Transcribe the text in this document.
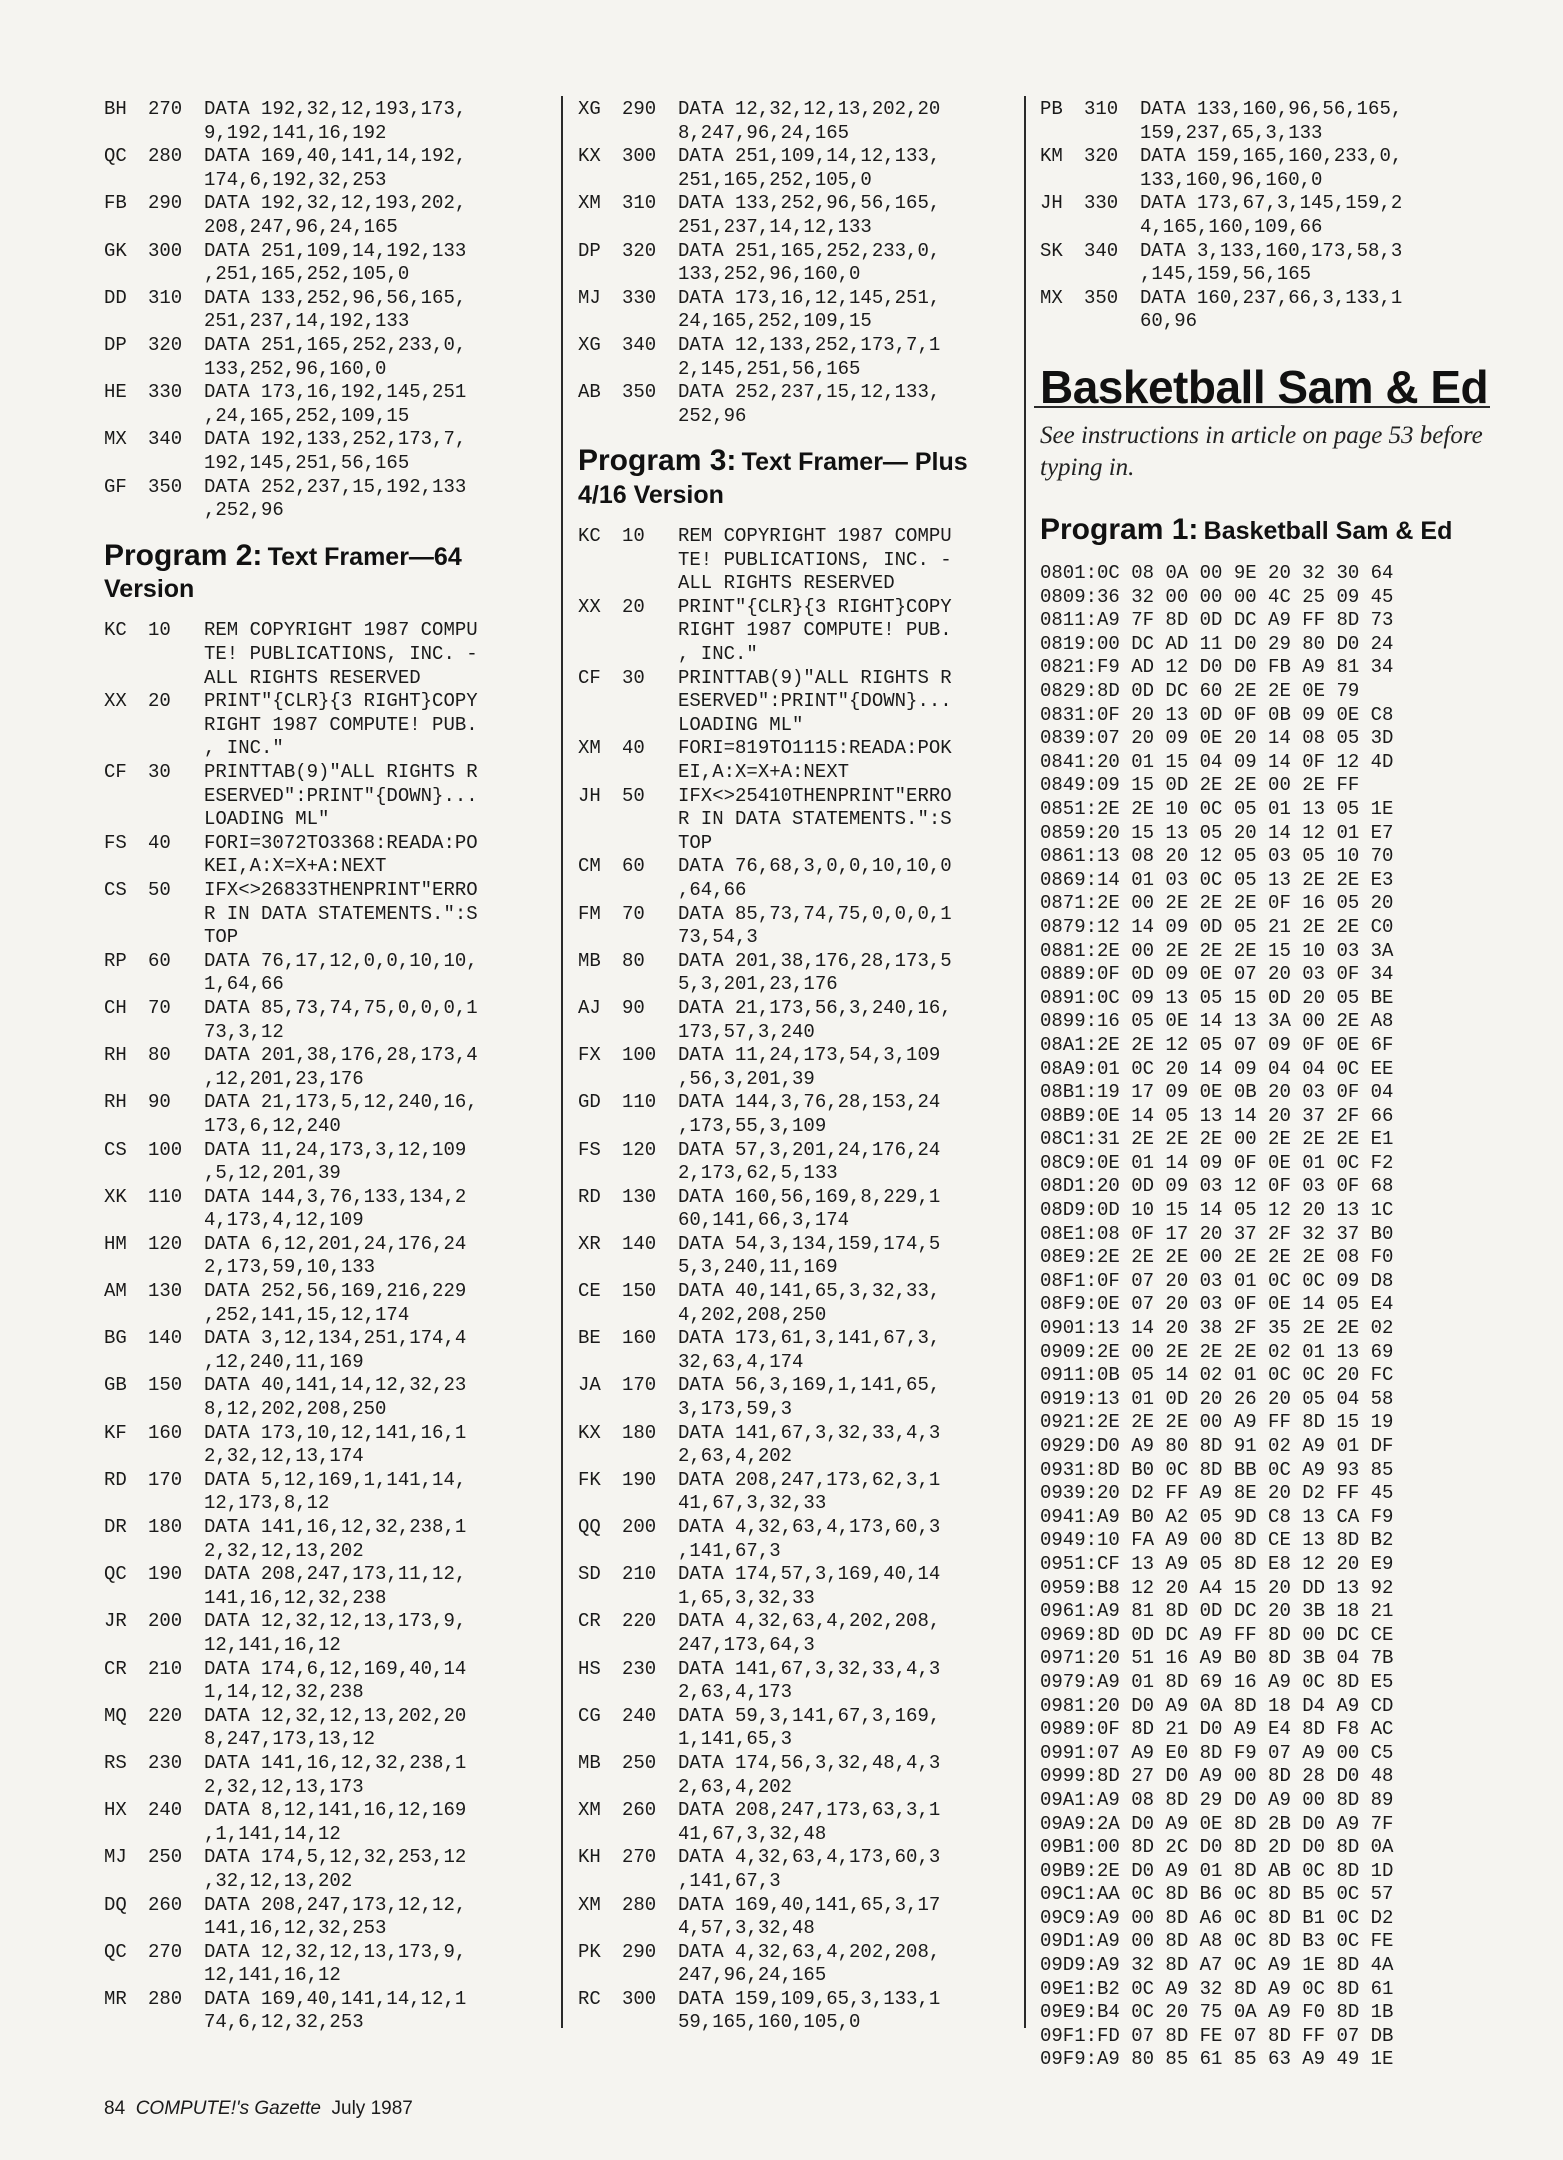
BH	270	DATA 192,32,12,193,173,
9,192,141,16,192
QC	280	DATA 169,40,141,14,192,
174,6,192,32,253
FB	290	DATA 192,32,12,193,202,
208,247,96,24,165
GK	300	DATA 251,109,14,192,133
,251,165,252,105,0
DD	310	DATA 133,252,96,56,165,
251,237,14,192,133
DP	320	DATA 251,165,252,233,0,
133,252,96,160,0
HE	330	DATA 173,16,192,145,251
,24,165,252,109,15
MX	340	DATA 192,133,252,173,7,
192,145,251,56,165
GF	350	DATA 252,237,15,192,133
,252,96
Program 2: Text Framer—64 Version
KC	10	REM COPYRIGHT 1987 COMPU
TE! PUBLICATIONS, INC. -
ALL RIGHTS RESERVED
XX	20	PRINT"{CLR}{3 RIGHT}COPY
RIGHT 1987 COMPUTE! PUB.
, INC."
CF	30	PRINTTAB(9)"ALL RIGHTS R
ESERVED":PRINT"{DOWN}...
LOADING ML"
FS	40	FORI=3072TO3368:READA:PO
KEI,A:X=X+A:NEXT
CS	50	IFX<>26833THENPRINT"ERRO
R IN DATA STATEMENTS.":S
TOP
RP	60	DATA 76,17,12,0,0,10,10,
1,64,66
CH	70	DATA 85,73,74,75,0,0,0,1
73,3,12
RH	80	DATA 201,38,176,28,173,4
,12,201,23,176
RH	90	DATA 21,173,5,12,240,16,
173,6,12,240
CS	100	DATA 11,24,173,3,12,109
,5,12,201,39
XK	110	DATA 144,3,76,133,134,2
4,173,4,12,109
HM	120	DATA 6,12,201,24,176,24
2,173,59,10,133
AM	130	DATA 252,56,169,216,229
,252,141,15,12,174
BG	140	DATA 3,12,134,251,174,4
,12,240,11,169
GB	150	DATA 40,141,14,12,32,23
8,12,202,208,250
KF	160	DATA 173,10,12,141,16,1
2,32,12,13,174
RD	170	DATA 5,12,169,1,141,14,
12,173,8,12
DR	180	DATA 141,16,12,32,238,1
2,32,12,13,202
QC	190	DATA 208,247,173,11,12,
141,16,12,32,238
JR	200	DATA 12,32,12,13,173,9,
12,141,16,12
CR	210	DATA 174,6,12,169,40,14
1,14,12,32,238
MQ	220	DATA 12,32,12,13,202,20
8,247,173,13,12
RS	230	DATA 141,16,12,32,238,1
2,32,12,13,173
HX	240	DATA 8,12,141,16,12,169
,1,141,14,12
MJ	250	DATA 174,5,12,32,253,12
,32,12,13,202
DQ	260	DATA 208,247,173,12,12,
141,16,12,32,253
QC	270	DATA 12,32,12,13,173,9,
12,141,16,12
MR	280	DATA 169,40,141,14,12,1
74,6,12,32,253
XG	290	DATA 12,32,12,13,202,20
8,247,96,24,165
KX	300	DATA 251,109,14,12,133,
251,165,252,105,0
XM	310	DATA 133,252,96,56,165,
251,237,14,12,133
DP	320	DATA 251,165,252,233,0,
133,252,96,160,0
MJ	330	DATA 173,16,12,145,251,
24,165,252,109,15
XG	340	DATA 12,133,252,173,7,1
2,145,251,56,165
AB	350	DATA 252,237,15,12,133,
252,96
Program 3: Text Framer— Plus 4/16 Version
KC	10	REM COPYRIGHT 1987 COMPU
TE! PUBLICATIONS, INC. -
ALL RIGHTS RESERVED
XX	20	PRINT"{CLR}{3 RIGHT}COPY
RIGHT 1987 COMPUTE! PUB.
, INC."
CF	30	PRINTTAB(9)"ALL RIGHTS R
ESERVED":PRINT"{DOWN}...
LOADING ML"
XM	40	FORI=819TO1115:READA:POK
EI,A:X=X+A:NEXT
JH	50	IFX<>25410THENPRINT"ERRO
R IN DATA STATEMENTS.":S
TOP
CM	60	DATA 76,68,3,0,0,10,10,0
,64,66
FM	70	DATA 85,73,74,75,0,0,0,1
73,54,3
MB	80	DATA 201,38,176,28,173,5
5,3,201,23,176
AJ	90	DATA 21,173,56,3,240,16,
173,57,3,240
FX	100	DATA 11,24,173,54,3,109
,56,3,201,39
GD	110	DATA 144,3,76,28,153,24
,173,55,3,109
FS	120	DATA 57,3,201,24,176,24
2,173,62,5,133
RD	130	DATA 160,56,169,8,229,1
60,141,66,3,174
XR	140	DATA 54,3,134,159,174,5
5,3,240,11,169
CE	150	DATA 40,141,65,3,32,33,
4,202,208,250
BE	160	DATA 173,61,3,141,67,3,
32,63,4,174
JA	170	DATA 56,3,169,1,141,65,
3,173,59,3
KX	180	DATA 141,67,3,32,33,4,3
2,63,4,202
FK	190	DATA 208,247,173,62,3,1
41,67,3,32,33
QQ	200	DATA 4,32,63,4,173,60,3
,141,67,3
SD	210	DATA 174,57,3,169,40,14
1,65,3,32,33
CR	220	DATA 4,32,63,4,202,208,
247,173,64,3
HS	230	DATA 141,67,3,32,33,4,3
2,63,4,173
CG	240	DATA 59,3,141,67,3,169,
1,141,65,3
MB	250	DATA 174,56,3,32,48,4,3
2,63,4,202
XM	260	DATA 208,247,173,63,3,1
41,67,3,32,48
KH	270	DATA 4,32,63,4,173,60,3
,141,67,3
XM	280	DATA 169,40,141,65,3,17
4,57,3,32,48
PK	290	DATA 4,32,63,4,202,208,
247,96,24,165
RC	300	DATA 159,109,65,3,133,1
59,165,160,105,0
PB	310	DATA 133,160,96,56,165,
159,237,65,3,133
KM	320	DATA 159,165,160,233,0,
133,160,96,160,0
JH	330	DATA 173,67,3,145,159,2
4,165,160,109,66
SK	340	DATA 3,133,160,173,58,3
,145,159,56,165
MX	350	DATA 160,237,66,3,133,1
60,96
Basketball Sam & Ed
See instructions in article on page 53 before typing in.
Program 1: Basketball Sam & Ed
0801:0C 08 0A 00 9E 20 32 30 64
0809:36 32 00 00 00 4C 25 09 45
0811:A9 7F 8D 0D DC A9 FF 8D 73
0819:00 DC AD 11 D0 29 80 D0 24
0821:F9 AD 12 D0 D0 FB A9 81 34
0829:8D 0D DC 60 2E 2E 0E 79
0831:0F 20 13 0D 0F 0B 09 0E C8
0839:07 20 09 0E 20 14 08 05 3D
0841:20 01 15 04 09 14 0F 12 4D
0849:09 15 0D 2E 2E 00 2E FF
0851:2E 2E 10 0C 05 01 13 05 1E
0859:20 15 13 05 20 14 12 01 E7
0861:13 08 20 12 05 03 05 10 70
0869:14 01 03 0C 05 13 2E 2E E3
0871:2E 00 2E 2E 2E 0F 16 05 20
0879:12 14 09 0D 05 21 2E 2E C0
0881:2E 00 2E 2E 2E 15 10 03 3A
0889:0F 0D 09 0E 07 20 03 0F 34
0891:0C 09 13 05 15 0D 20 05 BE
0899:16 05 0E 14 13 3A 00 2E A8
08A1:2E 2E 12 05 07 09 0F 0E 6F
08A9:01 0C 20 14 09 04 04 0C EE
08B1:19 17 09 0E 0B 20 03 0F 04
08B9:0E 14 05 13 14 20 37 2F 66
08C1:31 2E 2E 2E 00 2E 2E 2E E1
08C9:0E 01 14 09 0F 0E 01 0C F2
08D1:20 0D 09 03 12 0F 03 0F 68
08D9:0D 10 15 14 05 12 20 13 1C
08E1:08 0F 17 20 37 2F 32 37 B0
08E9:2E 2E 2E 00 2E 2E 2E 08 F0
08F1:0F 07 20 03 01 0C 0C 09 D8
08F9:0E 07 20 03 0F 0E 14 05 E4
0901:13 14 20 38 2F 35 2E 2E 02
0909:2E 00 2E 2E 2E 02 01 13 69
0911:0B 05 14 02 01 0C 0C 20 FC
0919:13 01 0D 20 26 20 05 04 58
0921:2E 2E 2E 00 A9 FF 8D 15 19
0929:D0 A9 80 8D 91 02 A9 01 DF
0931:8D B0 0C 8D BB 0C A9 93 85
0939:20 D2 FF A9 8E 20 D2 FF 45
0941:A9 B0 A2 05 9D C8 13 CA F9
0949:10 FA A9 00 8D CE 13 8D B2
0951:CF 13 A9 05 8D E8 12 20 E9
0959:B8 12 20 A4 15 20 DD 13 92
0961:A9 81 8D 0D DC 20 3B 18 21
0969:8D 0D DC A9 FF 8D 00 DC CE
0971:20 51 16 A9 B0 8D 3B 04 7B
0979:A9 01 8D 69 16 A9 0C 8D E5
0981:20 D0 A9 0A 8D 18 D4 A9 CD
0989:0F 8D 21 D0 A9 E4 8D F8 AC
0991:07 A9 E0 8D F9 07 A9 00 C5
0999:8D 27 D0 A9 00 8D 28 D0 48
09A1:A9 08 8D 29 D0 A9 00 8D 89
09A9:2A D0 A9 0E 8D 2B D0 A9 7F
09B1:00 8D 2C D0 8D 2D D0 8D 0A
09B9:2E D0 A9 01 8D AB 0C 8D 1D
09C1:AA 0C 8D B6 0C 8D B5 0C 57
09C9:A9 00 8D A6 0C 8D B1 0C D2
09D1:A9 00 8D A8 0C 8D B3 0C FE
09D9:A9 32 8D A7 0C A9 1E 8D 4A
09E1:B2 0C A9 32 8D A9 0C 8D 61
09E9:B4 0C 20 75 0A A9 F0 8D 1B
09F1:FD 07 8D FE 07 8D FF 07 DB
09F9:A9 80 85 61 85 63 A9 49 1E
84 COMPUTE!'s Gazette July 1987
